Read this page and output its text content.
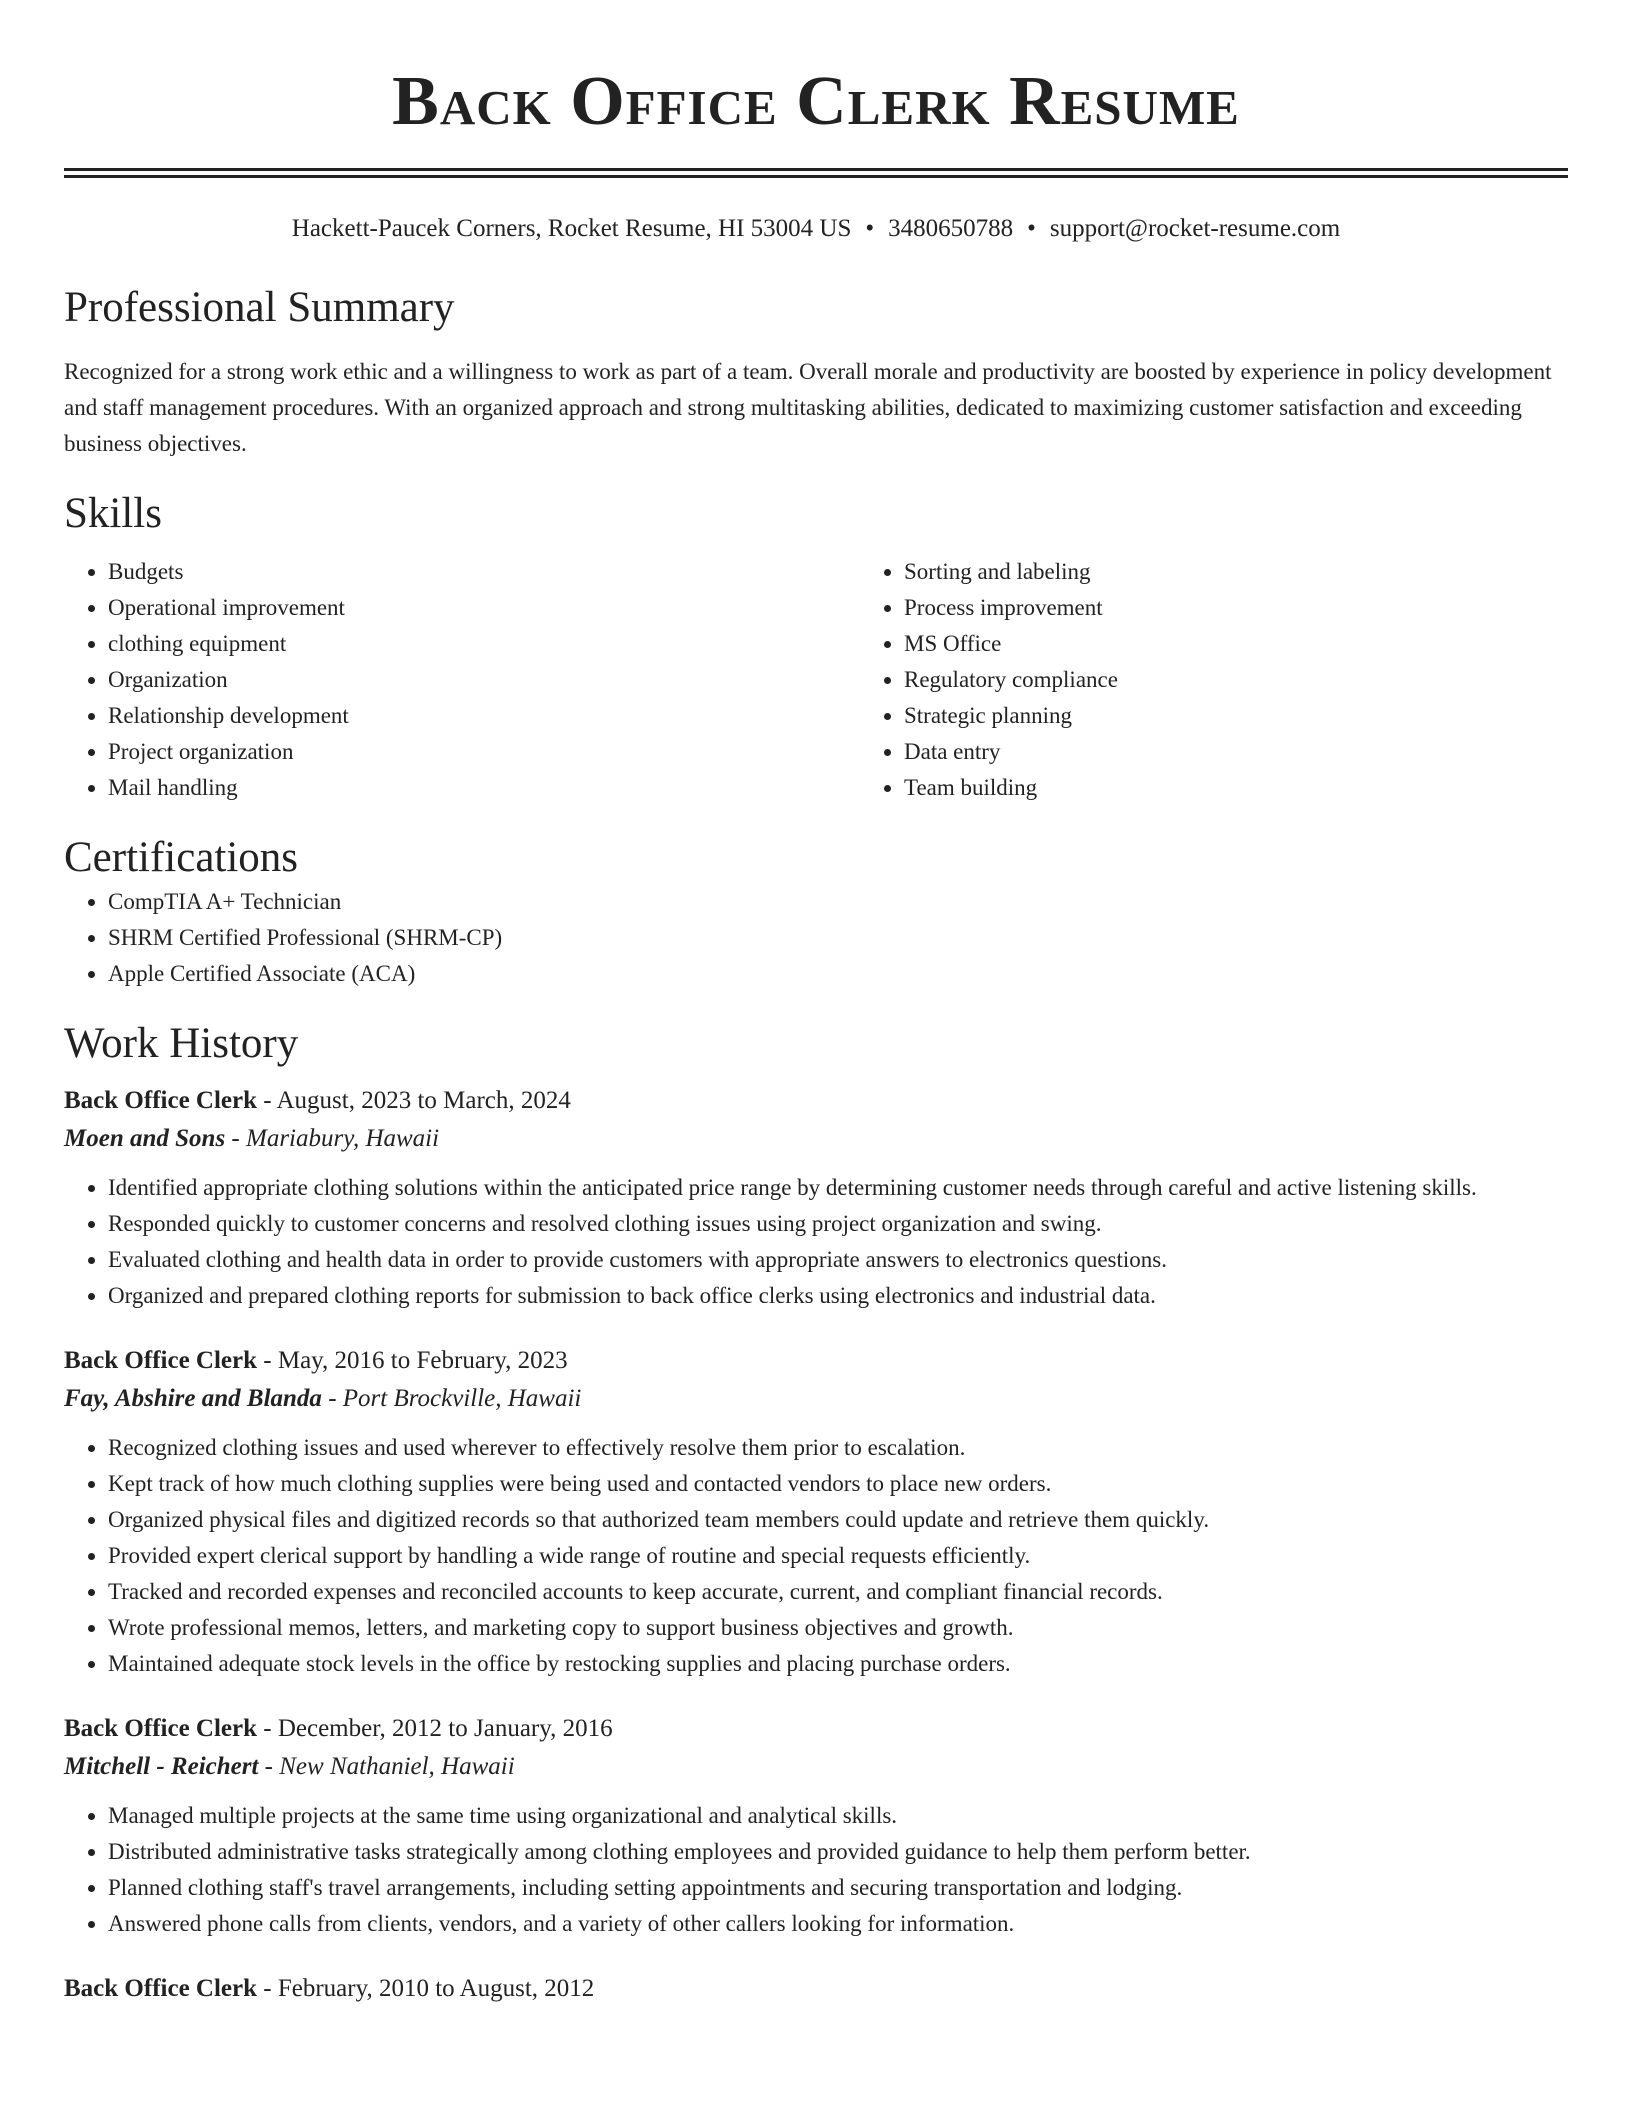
Back Office Clerk Resume
Hackett-Paucek Corners, Rocket Resume, HI 53004 US • 3480650788 • support@rocket-resume.com
Professional Summary

Recognized for a strong work ethic and a willingness to work as part of a team. Overall morale and productivity are boosted by experience in policy development and staff management procedures. With an organized approach and strong multitasking abilities, dedicated to maximizing customer satisfaction and exceeding business objectives.

Skills
• Budgets
• Operational improvement
• clothing equipment
• Organization
• Relationship development
• Project organization
• Mail handling
• Sorting and labeling
• Process improvement
• MS Office
• Regulatory compliance
• Strategic planning
• Data entry
• Team building
Certifications
• CompTIA A+ Technician
• SHRM Certified Professional (SHRM-CP)
• Apple Certified Associate (ACA)
Work History
Back Office Clerk - August, 2023 to March, 2024
Moen and Sons - Mariabury, Hawaii
• Identified appropriate clothing solutions within the anticipated price range by determining customer needs through careful and active listening skills.
• Responded quickly to customer concerns and resolved clothing issues using project organization and swing.
• Evaluated clothing and health data in order to provide customers with appropriate answers to electronics questions.
• Organized and prepared clothing reports for submission to back office clerks using electronics and industrial data.
Back Office Clerk - May, 2016 to February, 2023
Fay, Abshire and Blanda - Port Brockville, Hawaii
• Recognized clothing issues and used wherever to effectively resolve them prior to escalation.
• Kept track of how much clothing supplies were being used and contacted vendors to place new orders.
• Organized physical files and digitized records so that authorized team members could update and retrieve them quickly.
• Provided expert clerical support by handling a wide range of routine and special requests efficiently.
• Tracked and recorded expenses and reconciled accounts to keep accurate, current, and compliant financial records.
• Wrote professional memos, letters, and marketing copy to support business objectives and growth.
• Maintained adequate stock levels in the office by restocking supplies and placing purchase orders.
Back Office Clerk - December, 2012 to January, 2016
Mitchell - Reichert - New Nathaniel, Hawaii
• Managed multiple projects at the same time using organizational and analytical skills.
• Distributed administrative tasks strategically among clothing employees and provided guidance to help them perform better.
• Planned clothing staff's travel arrangements, including setting appointments and securing transportation and lodging.
• Answered phone calls from clients, vendors, and a variety of other callers looking for information.
Back Office Clerk - February, 2010 to August, 2012
